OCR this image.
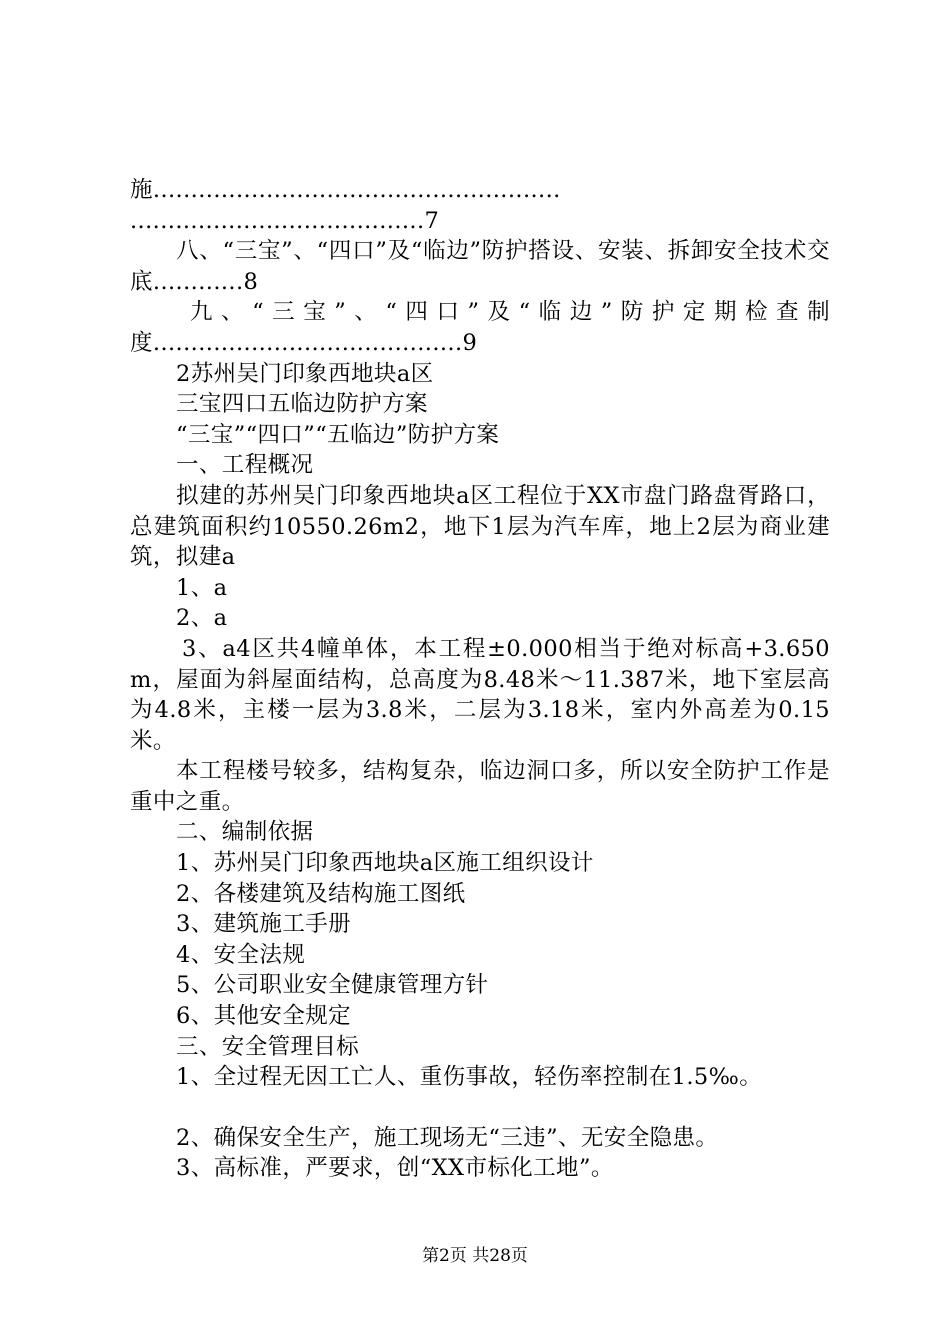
施......................................................

.......................................7

八、“三宝”、“四口”及“临边”防护搭设、安装、拆卸安全技术交底............8

九、“三宝”、“四口”及“临边”防护定期检查制度.........................................9

2苏州吴门印象西地块a区

三宝四口五临边防护方案

“三宝”“四口”“五临边”防护方案

一、工程概况

拟建的苏州吴门印象西地块a区工程位于XX市盘门路盘胥路口，总建筑面积约10550.26m2，地下1层为汽车库，地上2层为商业建筑，拟建a

1、a

2、a

3、a4区共4幢单体，本工程±0.000相当于绝对标高+3.650m，屋面为斜屋面结构，总高度为8.48米～11.387米，地下室层高为4.8米，主楼一层为3.8米，二层为3.18米，室内外高差为0.15米。

本工程楼号较多，结构复杂，临边洞口多，所以安全防护工作是重中之重。

二、编制依据

1、苏州吴门印象西地块a区施工组织设计

2、各楼建筑及结构施工图纸

3、建筑施工手册

4、安全法规

5、公司职业安全健康管理方针

6、其他安全规定

三、安全管理目标

1、全过程无因工亡人、重伤事故，轻伤率控制在1.5‰。

2、确保安全生产，施工现场无“三违”、无安全隐患。

3、高标准，严要求，创“XX市标化工地”。

第2页 共28页
